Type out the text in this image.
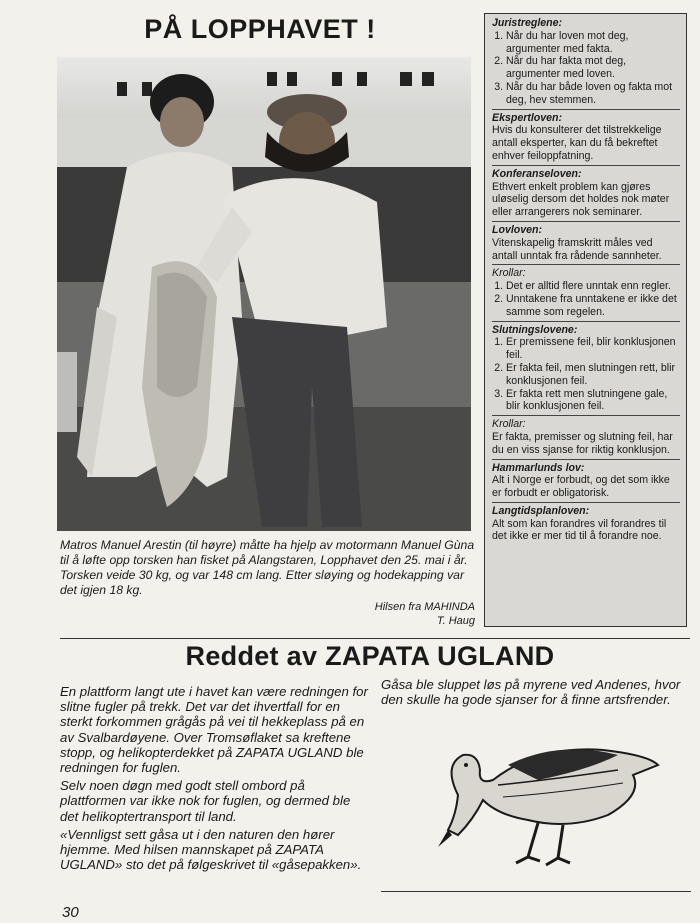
PÅ LOPPHAVET !

Matros Manuel Arestin (til høyre) måtte ha hjelp av motormann Manuel Gùna til å løfte opp torsken han fisket på Alangstaren, Lopphavet den 25. mai i år. Torsken veide 30 kg, og var 148 cm lang. Etter sløying og hodekapping var det igjen 18 kg.

Hilsen fra MAHINDA
T. Haug
Juristreglene:
1. Når du har loven mot deg, argumenter med fakta.
2. Når du har fakta mot deg, argumenter med loven.
3. Når du har både loven og fakta mot deg, hev stemmen.
Ekspertloven:

Hvis du konsulterer det tilstrekkelige antall eksperter, kan du få bekreftet enhver feiloppfatning.

Konferanseloven:

Ethvert enkelt problem kan gjøres uløselig dersom det holdes nok møter eller arrangerers nok seminarer.

Lovloven:

Vitenskapelig framskritt måles ved antall unntak fra rådende sannheter.

Krollar:
1. Det er alltid flere unntak enn regler.
2. Unntakene fra unntakene er ikke det samme som regelen.
Slutningslovene:
1. Er premissene feil, blir konklusjonen feil.
2. Er fakta feil, men slutningen rett, blir konklusjonen feil.
3. Er fakta rett men slutningene gale, blir konklusjonen feil.
Krollar:

Er fakta, premisser og slutning feil, har du en viss sjanse for riktig konklusjon.

Hammarlunds lov:

Alt i Norge er forbudt, og det som ikke er forbudt er obligatorisk.

Langtidsplanloven:

Alt som kan forandres vil forandres til det ikke er mer tid til å forandre noe.

Reddet av ZAPATA UGLAND

En plattform langt ute i havet kan være redningen for slitne fugler på trekk. Det var det ihvertfall for en sterkt forkommen grågås på vei til hekkeplass på en av Svalbardøyene. Over Tromsøflaket sa kreftene stopp, og helikopterdekket på ZAPATA UGLAND ble redningen for fuglen.

Selv noen døgn med godt stell ombord på plattformen var ikke nok for fuglen, og dermed ble det helikoptertransport til land.

«Vennligst sett gåsa ut i den naturen den hører hjemme. Med hilsen mannskapet på ZAPATA UGLAND» sto det på følgeskrivet til «gåsepakken».

Gåsa ble sluppet løs på myrene ved Andenes, hvor den skulle ha gode sjanser for å finne artsfrender.

30
